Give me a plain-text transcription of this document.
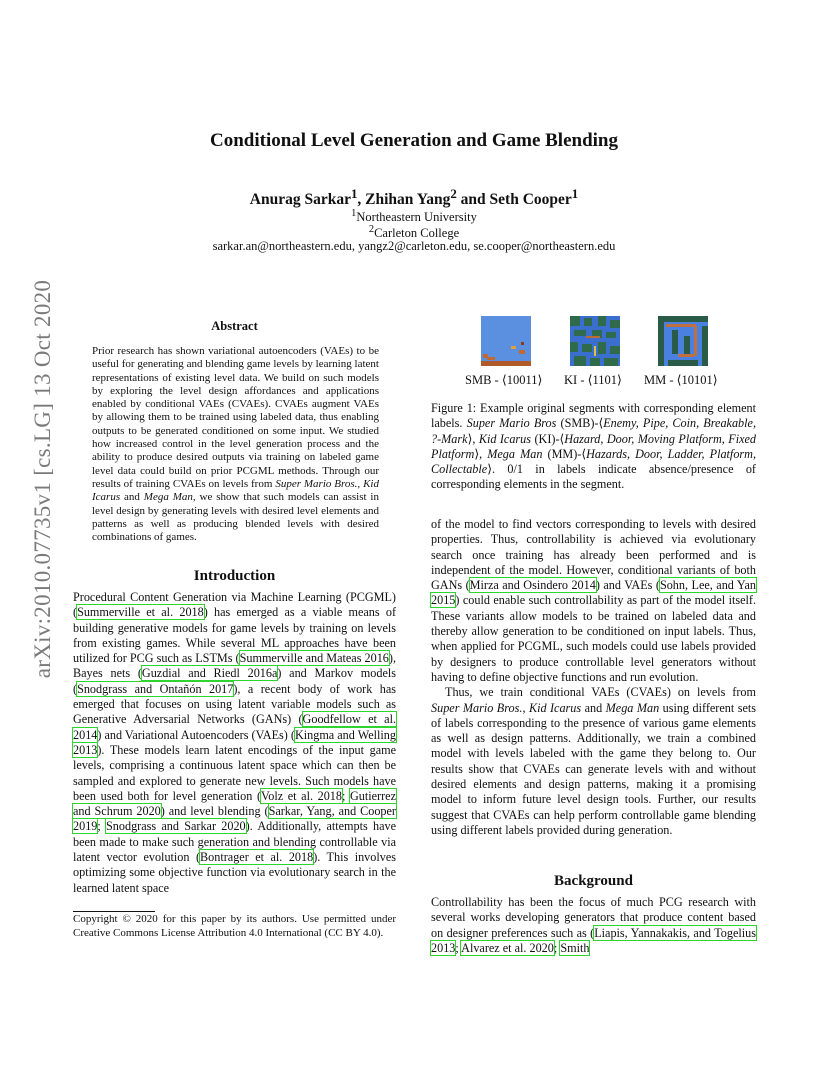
arXiv:2010.07735v1 [cs.LG] 13 Oct 2020
Conditional Level Generation and Game Blending
Anurag Sarkar$^1$, Zhihan Yang$^2$ and Seth Cooper$^1$
$^1$Northeastern University
$^2$Carleton College
sarkar.an@northeastern.edu, yangz2@carleton.edu, se.cooper@northeastern.edu
Abstract
Prior research has shown variational autoencoders (VAEs) to be useful for generating and blending game levels by learning latent representations of existing level data. We build on such models by exploring the level design affordances and applications enabled by conditional VAEs (CVAEs). CVAEs augment VAEs by allowing them to be trained using labeled data, thus enabling outputs to be generated conditioned on some input. We studied how increased control in the level generation process and the ability to produce desired outputs via training on labeled game level data could build on prior PCGML methods. Through our results of training CVAEs on levels from Super Mario Bros., Kid Icarus and Mega Man, we show that such models can assist in level design by generating levels with desired level elements and patterns as well as producing blended levels with desired combinations of games.
Introduction
Procedural Content Generation via Machine Learning (PCGML) (Summerville et al. 2018) has emerged as a viable means of building generative models for game levels by training on levels from existing games. While several ML approaches have been utilized for PCG such as LSTMs (Summerville and Mateas 2016), Bayes nets (Guzdial and Riedl 2016a) and Markov models (Snodgrass and Ontañón 2017), a recent body of work has emerged that focuses on using latent variable models such as Generative Adversarial Networks (GANs) (Goodfellow et al. 2014) and Variational Autoencoders (VAEs) (Kingma and Welling 2013). These models learn latent encodings of the input game levels, comprising a continuous latent space which can then be sampled and explored to generate new levels. Such models have been used both for level generation (Volz et al. 2018; Gutierrez and Schrum 2020) and level blending (Sarkar, Yang, and Cooper 2019; Snodgrass and Sarkar 2020). Additionally, attempts have been made to make such generation and blending controllable via latent vector evolution (Bontrager et al. 2018). This involves optimizing some objective function via evolutionary search in the learned latent space
Copyright © 2020 for this paper by its authors. Use permitted under Creative Commons License Attribution 4.0 International (CC BY 4.0).
SMB - ⟨10011⟩ KI - ⟨1101⟩ MM - ⟨10101⟩
Figure 1: Example original segments with corresponding element labels. Super Mario Bros (SMB)-⟨Enemy, Pipe, Coin, Breakable, ?-Mark⟩, Kid Icarus (KI)-⟨Hazard, Door, Moving Platform, Fixed Platform⟩, Mega Man (MM)-⟨Hazards, Door, Ladder, Platform, Collectable⟩. 0/1 in labels indicate absence/presence of corresponding elements in the segment.

of the model to find vectors corresponding to levels with desired properties. Thus, controllability is achieved via evolutionary search once training has already been performed and is independent of the model. However, conditional variants of both GANs (Mirza and Osindero 2014) and VAEs (Sohn, Lee, and Yan 2015) could enable such controllability as part of the model itself. These variants allow models to be trained on labeled data and thereby allow generation to be conditioned on input labels. Thus, when applied for PCGML, such models could use labels provided by designers to produce controllable level generators without having to define objective functions and run evolution.

Thus, we train conditional VAEs (CVAEs) on levels from Super Mario Bros., Kid Icarus and Mega Man using different sets of labels corresponding to the presence of various game elements as well as design patterns. Additionally, we train a combined model with levels labeled with the game they belong to. Our results show that CVAEs can generate levels with and without desired elements and design patterns, making it a promising model to inform future level design tools. Further, our results suggest that CVAEs can help perform controllable game blending using different labels provided during generation.

Background
Controllability has been the focus of much PCG research with several works developing generators that produce content based on designer preferences such as (Liapis, Yannakakis, and Togelius 2013; Alvarez et al. 2020; Smith
